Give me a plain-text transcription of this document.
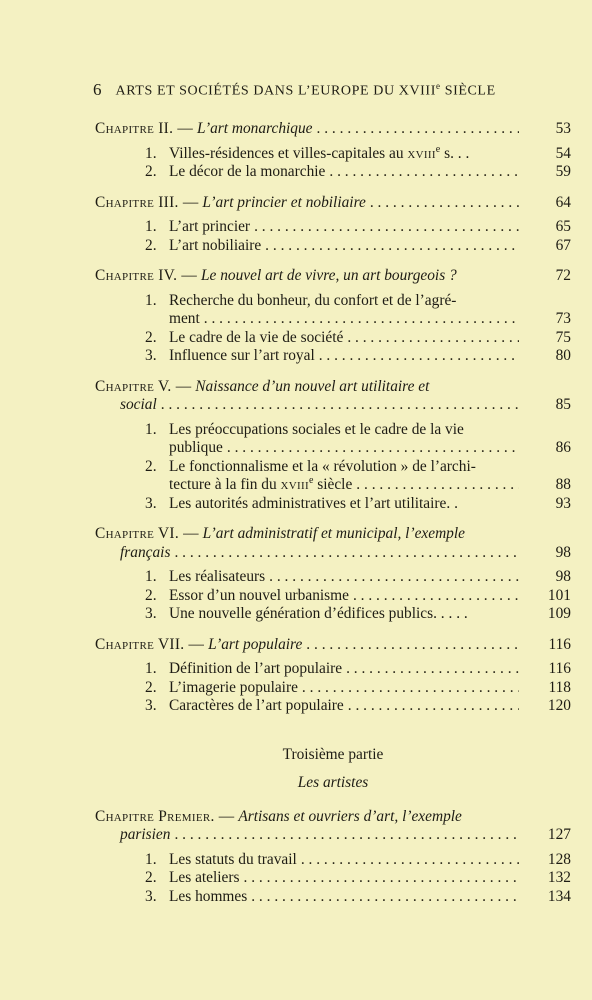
6 ARTS ET SOCIÉTÉS DANS L’EUROPE DU XVIIIe SIÈCLE
Chapitre II. — L’art monarchique . . .	53
1. Villes-résidences et villes-capitales au xviii$^e$ s. . .	54
2. Le décor de la monarchie . . .	59
Chapitre III. — L’art princier et nobiliaire . . .	64
1. L’art princier . . .	65
2. L’art nobiliaire . . .	67
Chapitre IV. — Le nouvel art de vivre, un art bourgeois ?	72
1. Recherche du bonheur, du confort et de l’agré-
ment . . .	73
2. Le cadre de la vie de société . . .	75
3. Influence sur l’art royal . . .	80
Chapitre V. — Naissance d’un nouvel art utilitaire et
social . . .	85
1. Les préoccupations sociales et le cadre de la vie
publique . . .	86
2. Le fonctionnalisme et la « révolution » de l’archi-
tecture à la fin du xviii$^e$ siècle . . .	88
3. Les autorités administratives et l’art utilitaire. .	93
Chapitre VI. — L’art administratif et municipal, l’exemple
français . . .	98
1. Les réalisateurs . . .	98
2. Essor d’un nouvel urbanisme . . .	101
3. Une nouvelle génération d’édifices publics. . . . .	109
Chapitre VII. — L’art populaire . . .	116
1. Définition de l’art populaire . . .	116
2. L’imagerie populaire . . .	118
3. Caractères de l’art populaire . . .	120
Troisième partie
Les artistes
Chapitre Premier. — Artisans et ouvriers d’art, l’exemple
parisien . . .	127
1. Les statuts du travail . . .	128
2. Les ateliers . . .	132
3. Les hommes . . .	134
